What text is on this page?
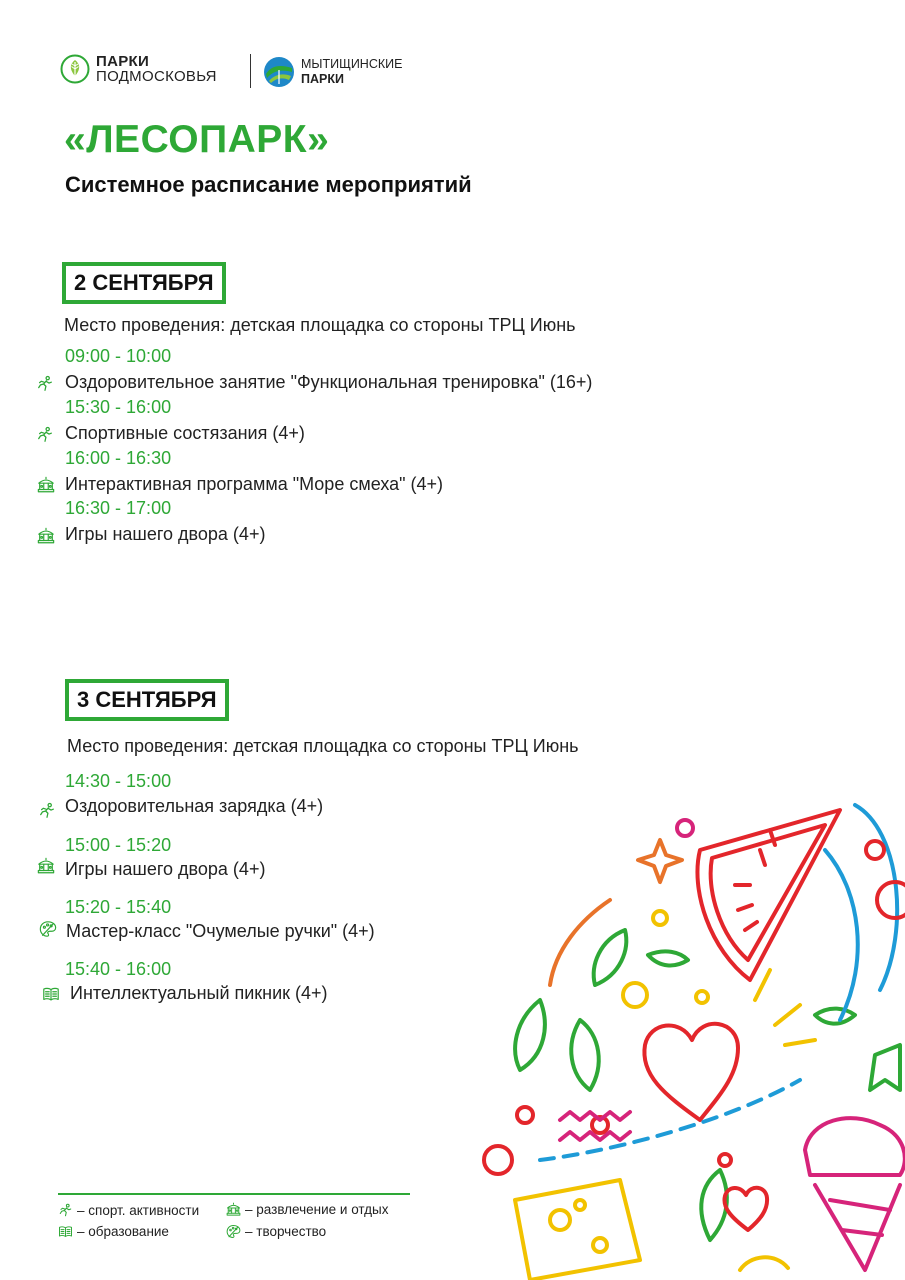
ПАРКИ
ПОДМОСКОВЬЯ
МЫТИЩИНСКИЕ
ПАРКИ
«ЛЕСОПАРК»
Системное расписание мероприятий
2 СЕНТЯБРЯ
Место проведения: детская площадка со стороны ТРЦ Июнь
09:00 - 10:00
Оздоровительное занятие "Функциональная тренировка" (16+)
15:30 - 16:00
Спортивные состязания (4+)
16:00 - 16:30
Интерактивная программа "Море смеха" (4+)
16:30 - 17:00
Игры нашего двора (4+)
3 СЕНТЯБРЯ
Место проведения: детская площадка со стороны ТРЦ Июнь
14:30 - 15:00
Оздоровительная зарядка (4+)
15:00 - 15:20
Игры нашего двора (4+)
15:20 - 15:40
Мастер-класс "Очумелые ручки" (4+)
15:40 - 16:00
Интеллектуальный пикник (4+)
– спорт. активности	– развлечение и отдых
– образование	– творчество
